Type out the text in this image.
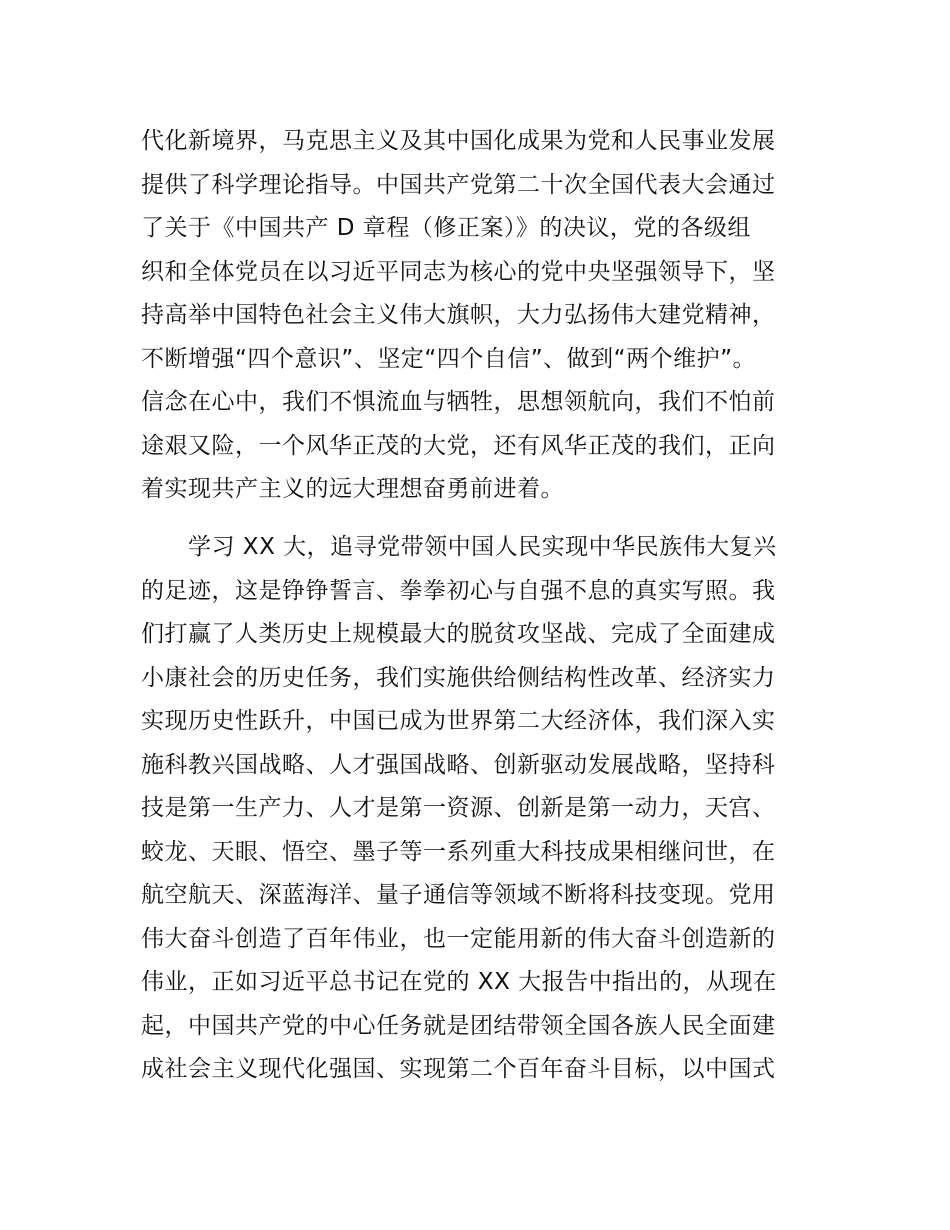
代化新境界，马克思主义及其中国化成果为党和人民事业发展
提供了科学理论指导。中国共产党第二十次全国代表大会通过
了关于《中国共产 D 章程（修正案）》的决议，党的各级组
织和全体党员在以习近平同志为核心的党中央坚强领导下，坚
持高举中国特色社会主义伟大旗帜，大力弘扬伟大建党精神，
不断增强“四个意识”、坚定“四个自信”、做到“两个维护”。
信念在心中，我们不惧流血与牺牲，思想领航向，我们不怕前
途艰又险，一个风华正茂的大党，还有风华正茂的我们，正向
着实现共产主义的远大理想奋勇前进着。
　　学习 XX 大，追寻党带领中国人民实现中华民族伟大复兴
的足迹，这是铮铮誓言、拳拳初心与自强不息的真实写照。我
们打赢了人类历史上规模最大的脱贫攻坚战、完成了全面建成
小康社会的历史任务，我们实施供给侧结构性改革、经济实力
实现历史性跃升，中国已成为世界第二大经济体，我们深入实
施科教兴国战略、人才强国战略、创新驱动发展战略，坚持科
技是第一生产力、人才是第一资源、创新是第一动力，天宫、
蛟龙、天眼、悟空、墨子等一系列重大科技成果相继问世，在
航空航天、深蓝海洋、量子通信等领域不断将科技变现。党用
伟大奋斗创造了百年伟业，也一定能用新的伟大奋斗创造新的
伟业，正如习近平总书记在党的 XX 大报告中指出的，从现在
起，中国共产党的中心任务就是团结带领全国各族人民全面建
成社会主义现代化强国、实现第二个百年奋斗目标，以中国式
